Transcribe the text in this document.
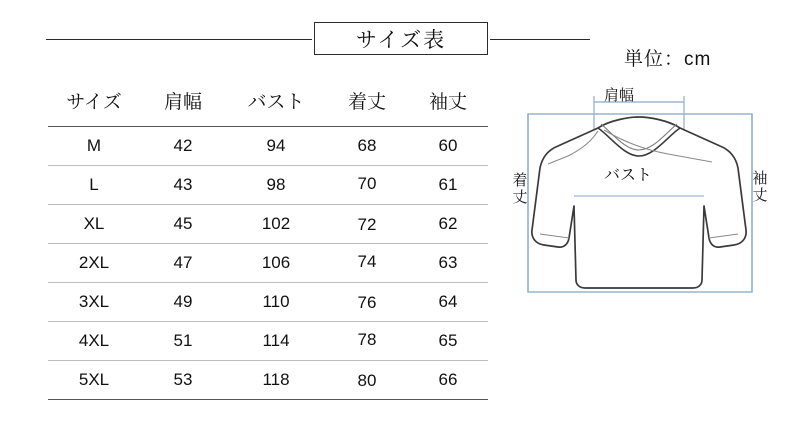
サイズ表
単位：cm
サイズ	肩幅	バスト	着丈	袖丈
M	42	94	68	60
L	43	98	70	61
XL	45	102	72	62
2XL	47	106	74	63
3XL	49	110	76	64
4XL	51	114	78	65
5XL	53	118	80	66
肩幅
バスト
着丈
袖丈
